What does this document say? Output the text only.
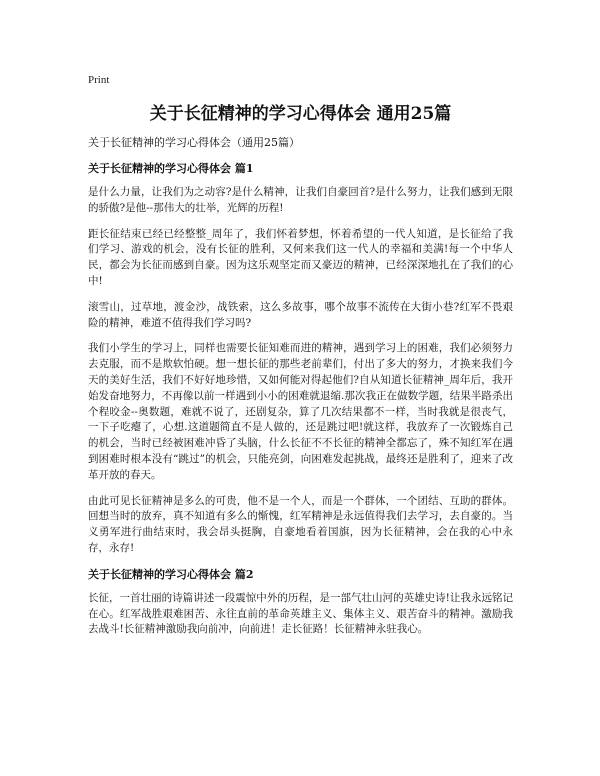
Print
关于长征精神的学习心得体会 通用25篇
关于长征精神的学习心得体会（通用25篇）
关于长征精神的学习心得体会 篇1

是什么力量，让我们为之动容?是什么精神，让我们自豪回首?是什么努力，让我们感到无限的骄傲?是他--那伟大的壮举，光辉的历程!

距长征结束已经已经整整_周年了，我们怀着梦想，怀着希望的一代人知道，是长征给了我们学习、游戏的机会，没有长征的胜利，又何来我们这一代人的幸福和美满!每一个中华人民，都会为长征而感到自豪。因为这乐观坚定而又豪迈的精神，已经深深地扎在了我们的心中!

滚雪山，过草地，渡金沙，战铁索，这么多故事，哪个故事不流传在大街小巷?红军不畏艰险的精神，难道不值得我们学习吗?

我们小学生的学习上，同样也需要长征知难而进的精神，遇到学习上的困难，我们必须努力去克服，而不是欺软怕硬。想一想长征的那些老前辈们，付出了多大的努力，才换来我们今天的美好生活，我们不好好地珍惜，又如何能对得起他们?自从知道长征精神_周年后，我开始发奋地努力，不再像以前一样遇到小小的困难就退缩.那次我正在做数学题，结果半路杀出个程咬金--奥数题，难就不说了，还剧复杂，算了几次结果都不一样，当时我就是很丧气，一下子吃瘪了，心想.这道题简直不是人做的，还是跳过吧!就这样，我放弃了一次锻炼自己的机会，当时已经被困难冲昏了头脑，什么长征不不长征的精神全都忘了，殊不知红军在遇到困难时根本没有“跳过”的机会，只能亮剑，向困难发起挑战，最终还是胜利了，迎来了改革开放的春天。

由此可见长征精神是多么的可贵，他不是一个人，而是一个群体，一个团结、互助的群体。回想当时的放弃，真不知道有多么的惭愧，红军精神是永远值得我们去学习，去自豪的。当义勇军进行曲结束时，我会昂头挺胸，自豪地看着国旗，因为长征精神，会在我的心中永存，永存!

关于长征精神的学习心得体会 篇2

长征，一首壮丽的诗篇讲述一段震惊中外的历程，是一部气壮山河的英雄史诗!让我永远铭记在心。红军战胜艰难困苦、永往直前的革命英雄主义、集体主义、艰苦奋斗的精神。激励我去战斗!长征精神激励我向前冲，向前进！走长征路！长征精神永驻我心。
